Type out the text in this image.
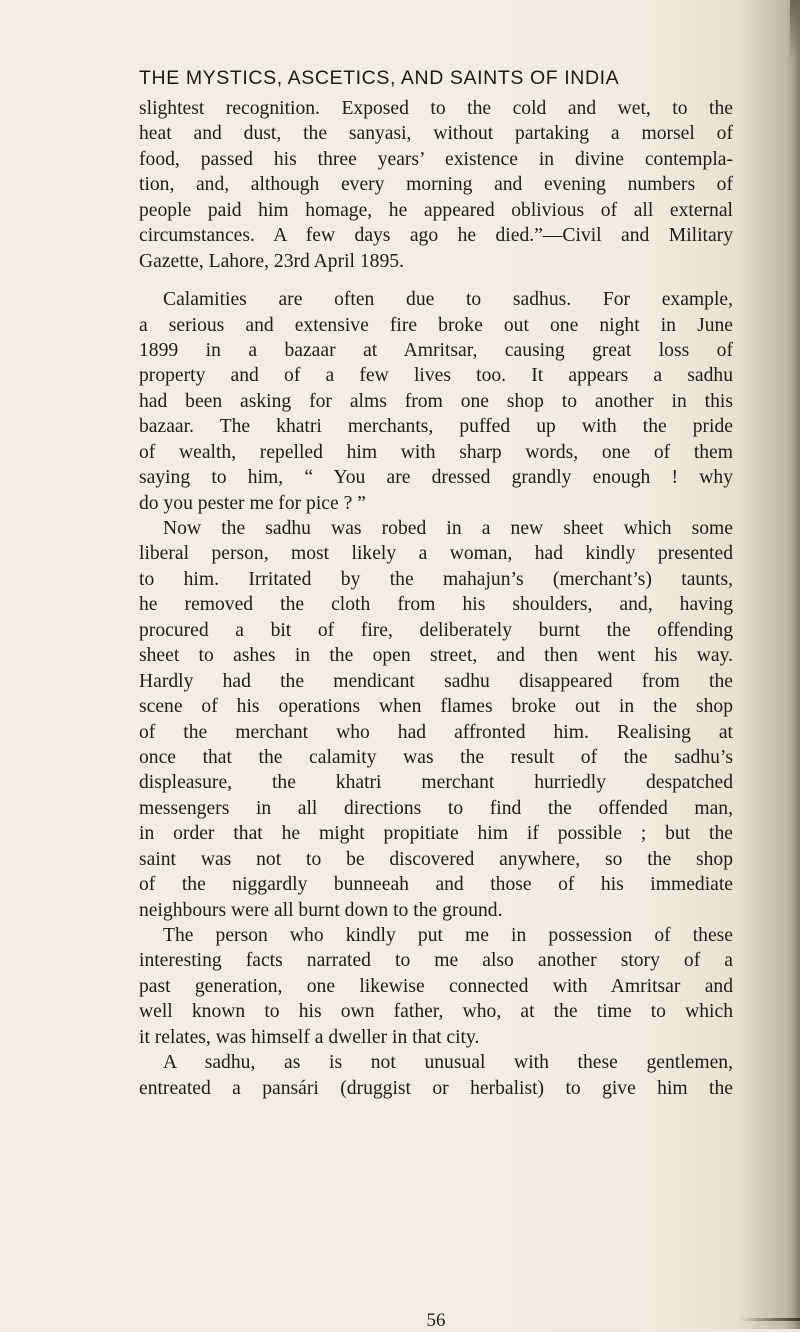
THE MYSTICS, ASCETICS, AND SAINTS OF INDIA
slightest recognition. Exposed to the cold and wet, to the
heat and dust, the sanyasi, without partaking a morsel of
food, passed his three years’ existence in divine contempla-
tion, and, although every morning and evening numbers of
people paid him homage, he appeared oblivious of all external
circumstances. A few days ago he died.”—Civil and Military
Gazette, Lahore, 23rd April 1895.
Calamities are often due to sadhus. For example,
a serious and extensive fire broke out one night in June
1899 in a bazaar at Amritsar, causing great loss of
property and of a few lives too. It appears a sadhu
had been asking for alms from one shop to another in this
bazaar. The khatri merchants, puffed up with the pride
of wealth, repelled him with sharp words, one of them
saying to him, “ You are dressed grandly enough ! why
do you pester me for pice ? ”
Now the sadhu was robed in a new sheet which some
liberal person, most likely a woman, had kindly presented
to him. Irritated by the mahajun’s (merchant’s) taunts,
he removed the cloth from his shoulders, and, having
procured a bit of fire, deliberately burnt the offending
sheet to ashes in the open street, and then went his way.
Hardly had the mendicant sadhu disappeared from the
scene of his operations when flames broke out in the shop
of the merchant who had affronted him. Realising at
once that the calamity was the result of the sadhu’s
displeasure, the khatri merchant hurriedly despatched
messengers in all directions to find the offended man,
in order that he might propitiate him if possible ; but the
saint was not to be discovered anywhere, so the shop
of the niggardly bunneeah and those of his immediate
neighbours were all burnt down to the ground.
The person who kindly put me in possession of these
interesting facts narrated to me also another story of a
past generation, one likewise connected with Amritsar and
well known to his own father, who, at the time to which
it relates, was himself a dweller in that city.
A sadhu, as is not unusual with these gentlemen,
entreated a pansári (druggist or herbalist) to give him the
56
